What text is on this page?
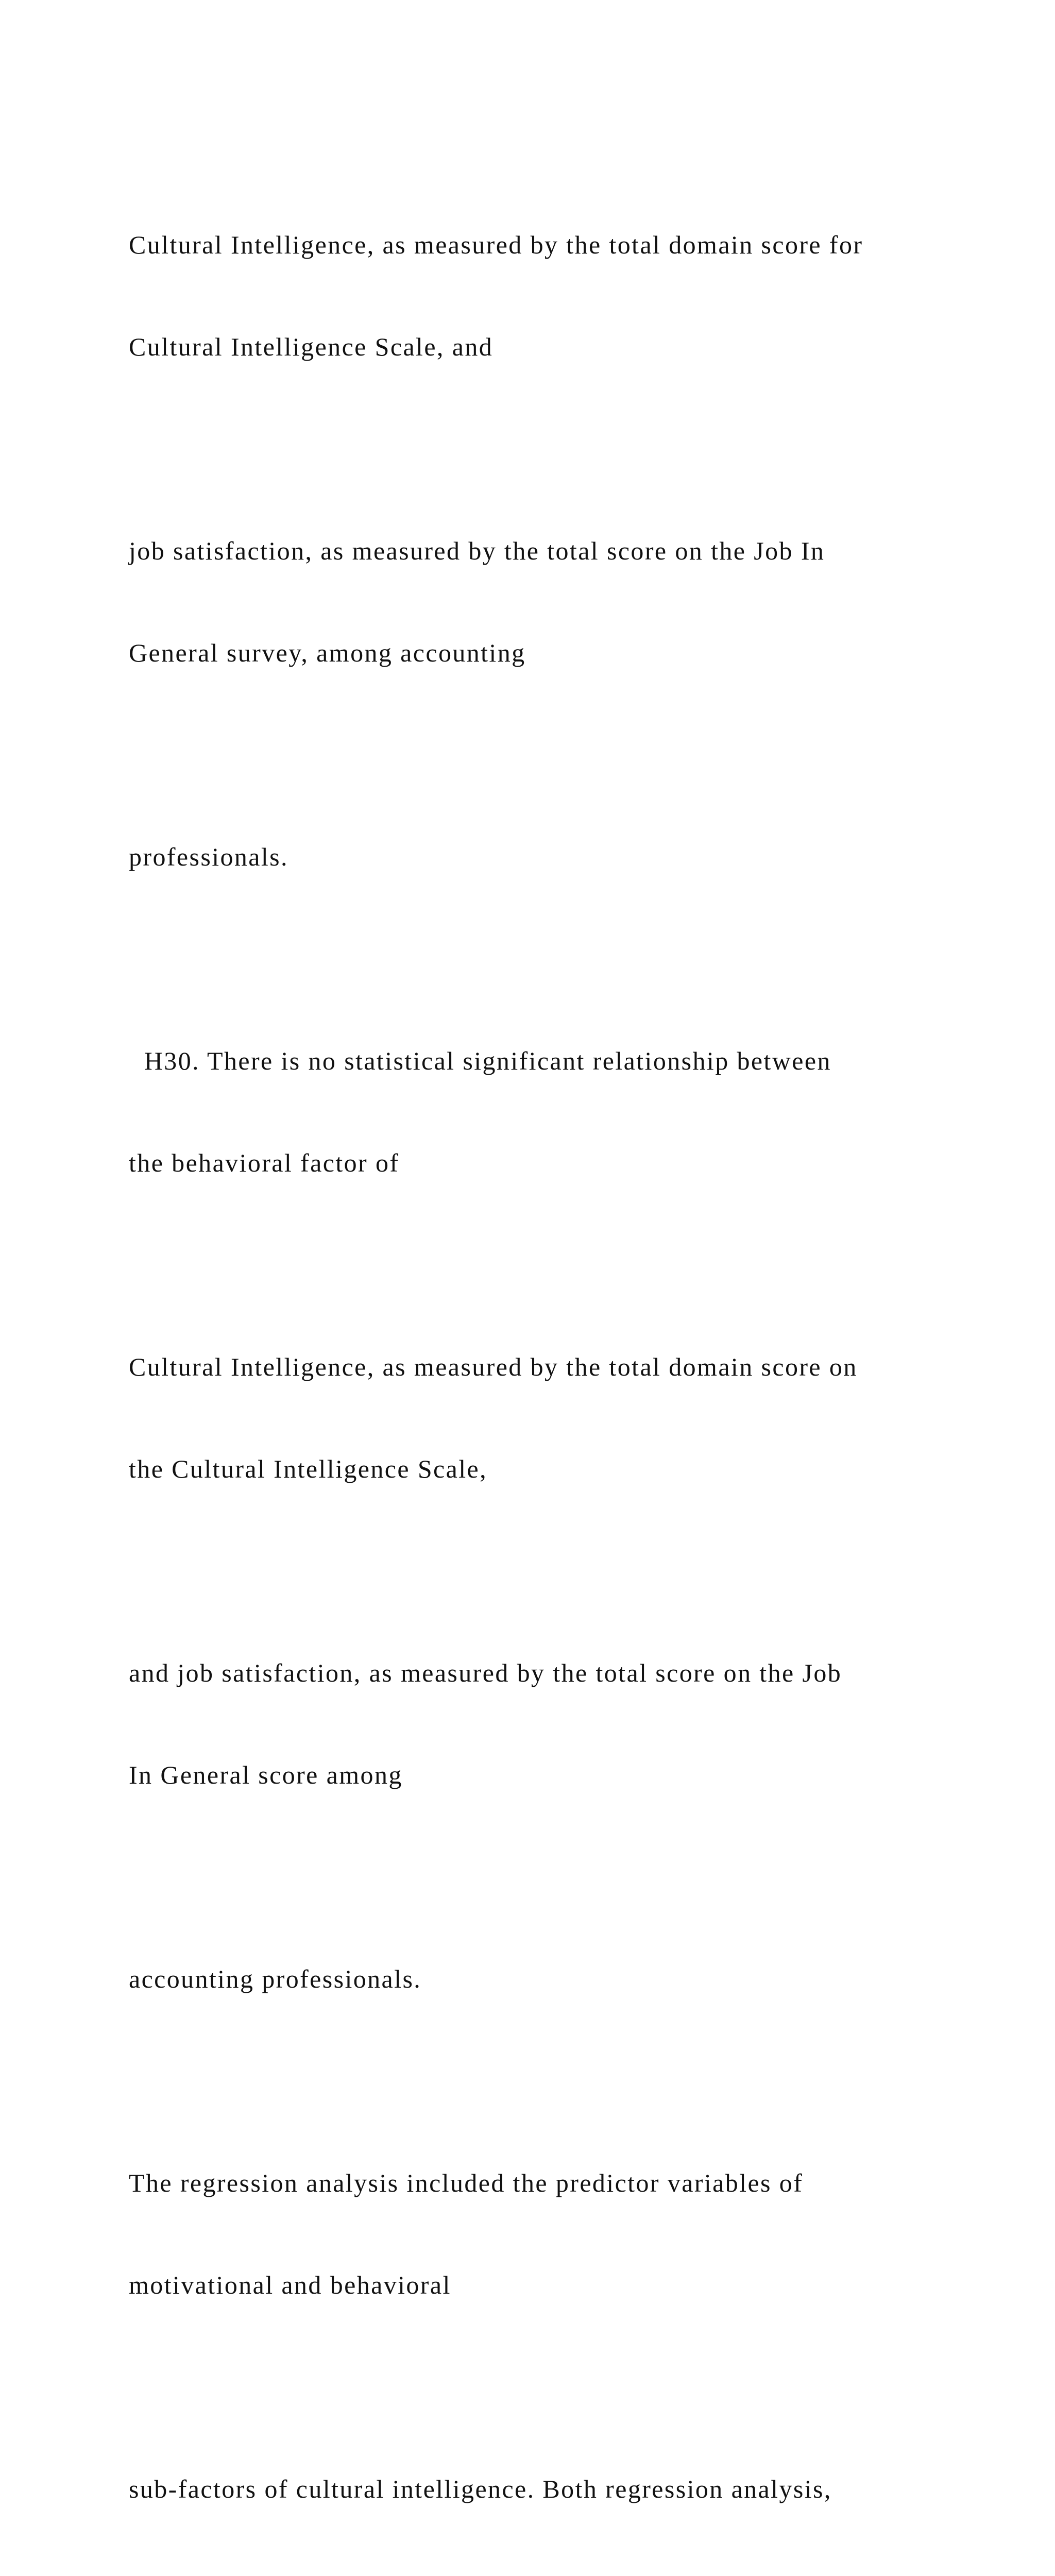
Cultural Intelligence, as measured by the total domain score for

Cultural Intelligence Scale, and

job satisfaction, as measured by the total score on the Job In

General survey, among accounting

professionals.

H30. There is no statistical significant relationship between

the behavioral factor of

Cultural Intelligence, as measured by the total domain score on

the Cultural Intelligence Scale,

and job satisfaction, as measured by the total score on the Job

In General score among

accounting professionals.

The regression analysis included the predictor variables of

motivational and behavioral

sub-factors of cultural intelligence. Both regression analysis,
